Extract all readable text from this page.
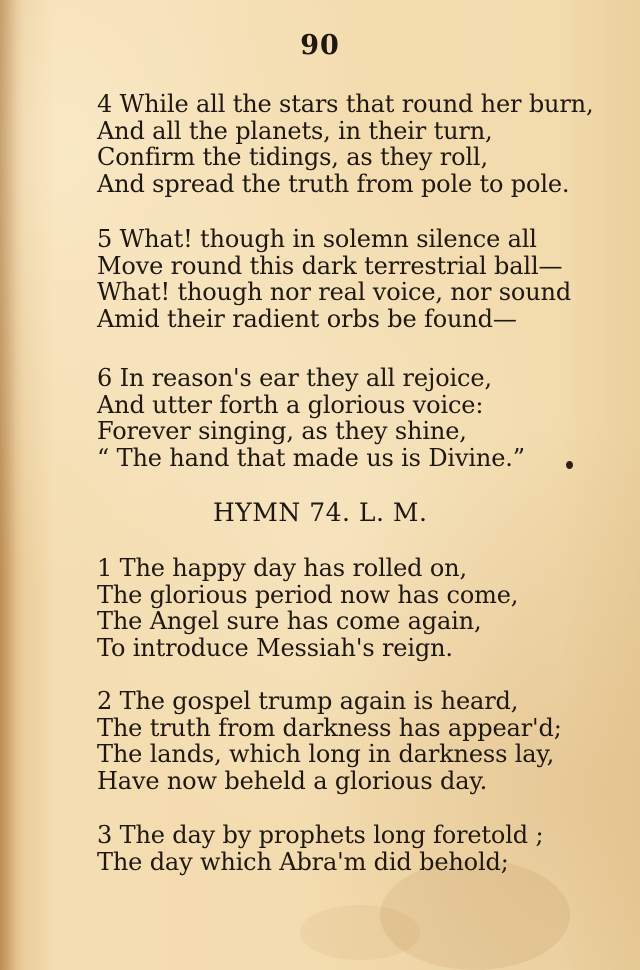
90
4 While all the stars that round her burn,
And all the planets, in their turn,
Confirm the tidings, as they roll,
And spread the truth from pole to pole.
5 What! though in solemn silence all
Move round this dark terrestrial ball—
What! though nor real voice, nor sound
Amid their radient orbs be found—
6 In reason's ear they all rejoice,
And utter forth a glorious voice:
Forever singing, as they shine,
“ The hand that made us is Divine.”
HYMN 74. L. M.
1 The happy day has rolled on,
The glorious period now has come,
The Angel sure has come again,
To introduce Messiah's reign.
2 The gospel trump again is heard,
The truth from darkness has appear'd;
The lands, which long in darkness lay,
Have now beheld a glorious day.
3 The day by prophets long foretold ;
The day which Abra'm did behold;
